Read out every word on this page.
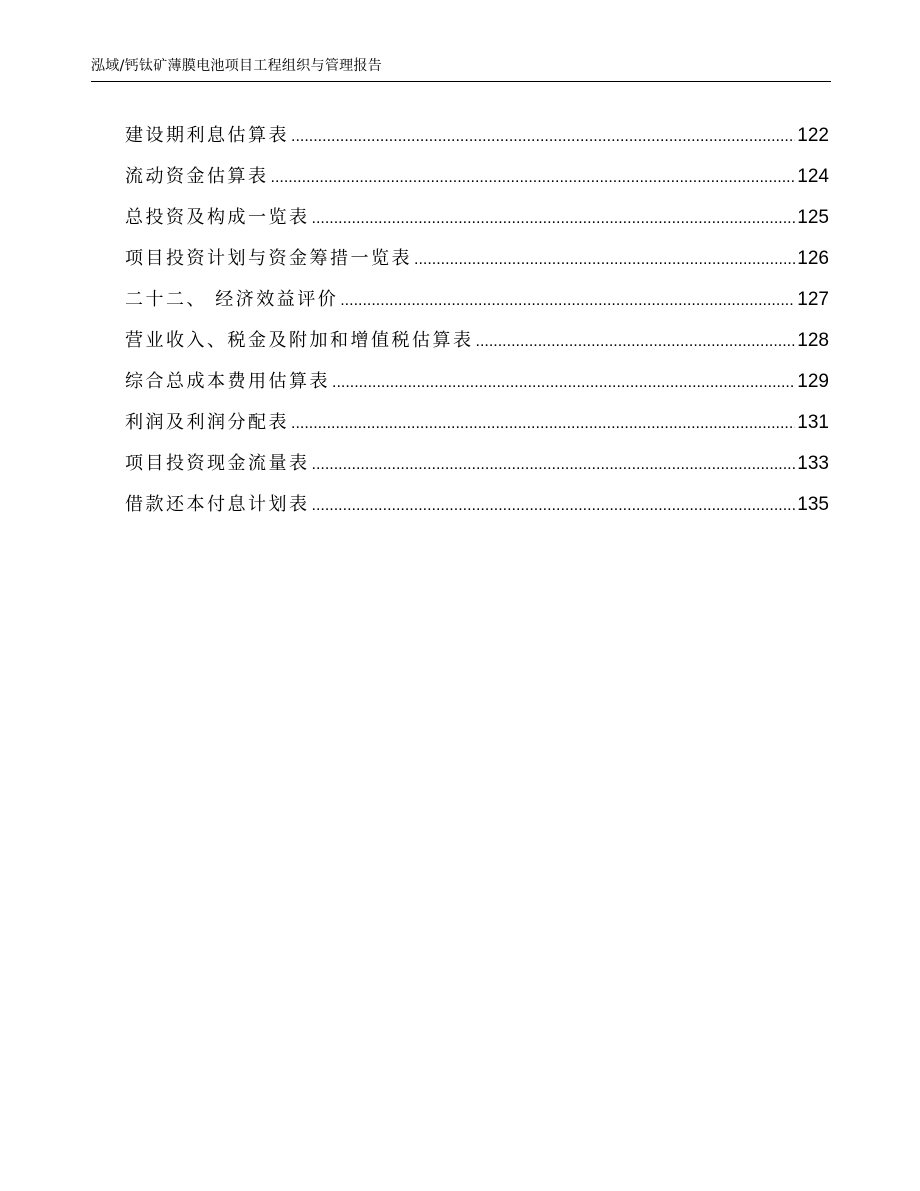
泓域/钙钛矿薄膜电池项目工程组织与管理报告
建设期利息估算表 .....	122
流动资金估算表 .....	124
总投资及构成一览表 .....	125
项目投资计划与资金筹措一览表 .....	126
二十二、 经济效益评价 .....	127
营业收入、税金及附加和增值税估算表 .....	128
综合总成本费用估算表 .....	129
利润及利润分配表 .....	131
项目投资现金流量表 .....	133
借款还本付息计划表 .....	135
